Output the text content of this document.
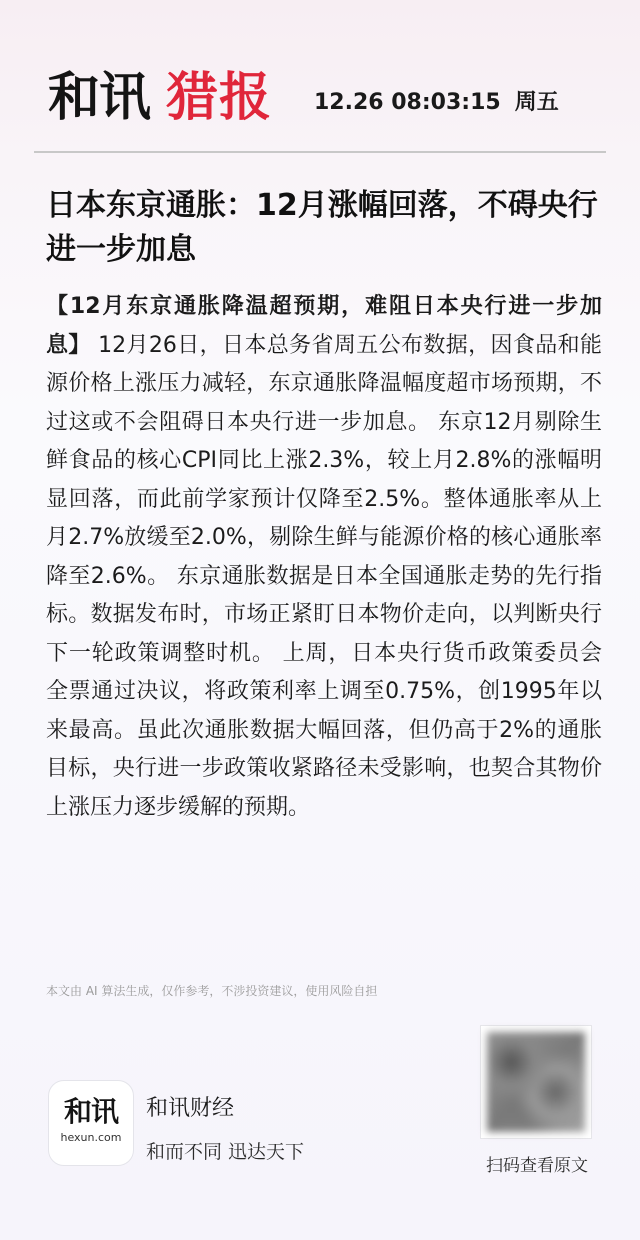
和讯 猎报 12.26 08:03:15 周五
日本东京通胀：12月涨幅回落，不碍央行进一步加息

【12月东京通胀降温超预期，难阻日本央行进一步加息】 12月26日，日本总务省周五公布数据，因食品和能源价格上涨压力减轻，东京通胀降温幅度超市场预期，不过这或不会阻碍日本央行进一步加息。 东京12月剔除生鲜食品的核心CPI同比上涨2.3%，较上月2.8%的涨幅明显回落，而此前学家预计仅降至2.5%。整体通胀率从上月2.7%放缓至2.0%，剔除生鲜与能源价格的核心通胀率降至2.6%。 东京通胀数据是日本全国通胀走势的先行指标。数据发布时，市场正紧盯日本物价走向，以判断央行下一轮政策调整时机。 上周，日本央行货币政策委员会全票通过决议，将政策利率上调至0.75%，创1995年以来最高。虽此次通胀数据大幅回落，但仍高于2%的通胀目标，央行进一步政策收紧路径未受影响，也契合其物价上涨压力逐步缓解的预期。

本文由 AI 算法生成，仅作参考，不涉投资建议，使用风险自担
和讯
hexun.com
和讯财经
和而不同 迅达天下
扫码查看原文
